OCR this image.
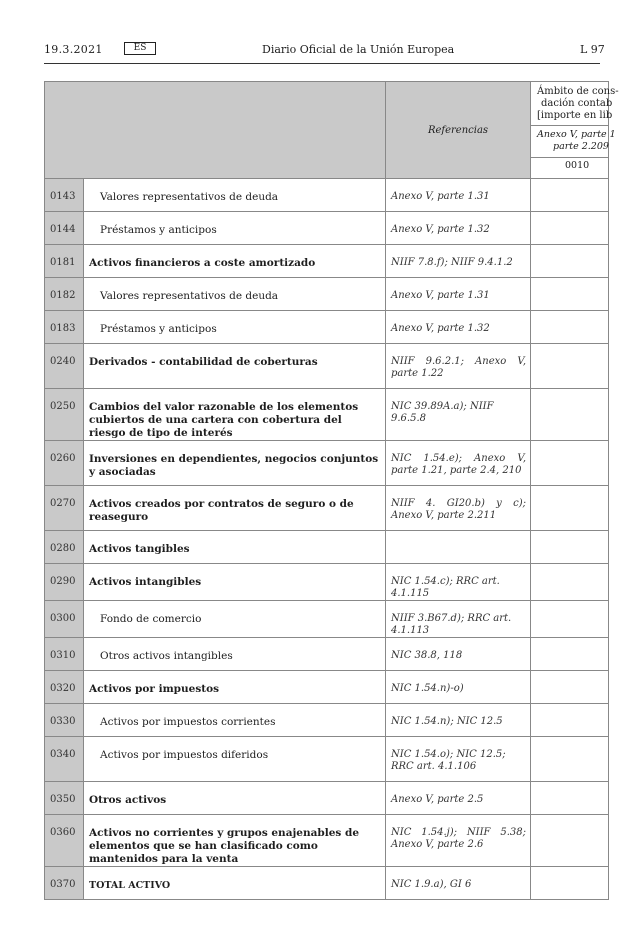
19.3.2021	ES	Diario Oficial de la Unión Europea	L 97
		Referencias	Ámbito de cons-
dación contab
[importe en lib

			Anexo V, parte 1
parte 2.209

			0010
0143	Valores representativos de deuda	Anexo V, parte 1.31	
0144	Préstamos y anticipos	Anexo V, parte 1.32	
0181	Activos financieros a coste amortizado	NIIF 7.8.f); NIIF 9.4.1.2	
0182	Valores representativos de deuda	Anexo V, parte 1.31	
0183	Préstamos y anticipos	Anexo V, parte 1.32	
0240	Derivados - contabilidad de coberturas	NIIF 9.6.2.1; Anexo V, parte 1.22	
0250	Cambios del valor razonable de los elementos cubiertos de una cartera con cobertura del riesgo de tipo de interés	NIC 39.89A.a); NIIF 9.6.5.8	
0260	Inversiones en dependientes, negocios conjuntos y asociadas	NIC 1.54.e); Anexo V, parte 1.21, parte 2.4, 210	
0270	Activos creados por contratos de seguro o de reaseguro	NIIF 4. GI20.b) y c); Anexo V, parte 2.211	
0280	Activos tangibles		
0290	Activos intangibles	NIC 1.54.c); RRC art. 4.1.115	
0300	Fondo de comercio	NIIF 3.B67.d); RRC art. 4.1.113	
0310	Otros activos intangibles	NIC 38.8, 118	
0320	Activos por impuestos	NIC 1.54.n)-o)	
0330	Activos por impuestos corrientes	NIC 1.54.n); NIC 12.5	
0340	Activos por impuestos diferidos	NIC 1.54.o); NIC 12.5; RRC art. 4.1.106	
0350	Otros activos	Anexo V, parte 2.5	
0360	Activos no corrientes y grupos enajenables de elementos que se han clasificado como mantenidos para la venta	NIC 1.54.j); NIIF 5.38; Anexo V, parte 2.6	
0370	TOTAL ACTIVO	NIC 1.9.a), GI 6	
